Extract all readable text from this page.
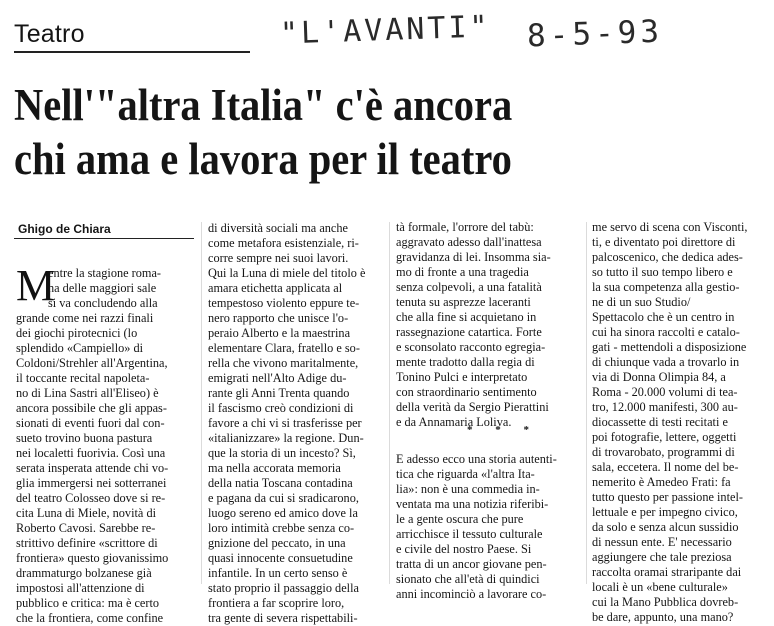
Teatro	"L'AVANTI" 8-5-93
Nell'"altra Italia" c'è ancora
chi ama e lavora per il teatro
Ghigo de Chiara
M
entre la stagione roma-
na delle maggiori sale
si va concludendo alla
grande come nei razzi finali
dei giochi pirotecnici (lo
splendido «Campiello» di
Coldoni/Strehler all'Argentina,
il toccante recital napoleta-
no di Lina Sastri all'Eliseo) è
ancora possibile che gli appas-
sionati di eventi fuori dal con-
sueto trovino buona pastura
nei localetti fuorivia. Così una
serata insperata attende chi vo-
glia immergersi nei sotterranei
del teatro Colosseo dove si re-
cita Luna di Miele, novità di
Roberto Cavosi. Sarebbe re-
strittivo definire «scrittore di
frontiera» questo giovanissimo
drammaturgo bolzanese già
impostosi all'attenzione di
pubblico e critica: ma è certo
che la frontiera, come confine
di diversità sociali ma anche
come metafora esistenziale, ri-
corre sempre nei suoi lavori.
Qui la Luna di miele del titolo è
amara etichetta applicata al
tempestoso violento eppure te-
nero rapporto che unisce l'o-
peraio Alberto e la maestrina
elementare Clara, fratello e so-
rella che vivono maritalmente,
emigrati nell'Alto Adige du-
rante gli Anni Trenta quando
il fascismo creò condizioni di
favore a chi vi si trasferisse per
«italianizzare» la regione. Dun-
que la storia di un incesto? Sì,
ma nella accorata memoria
della natia Toscana contadina
e pagana da cui si sradicarono,
luogo sereno ed amico dove la
loro intimità crebbe senza co-
gnizione del peccato, in una
quasi innocente consuetudine
infantile. In un certo senso è
stato proprio il passaggio della
frontiera a far scoprire loro,
tra gente di severa rispettabili-
tà formale, l'orrore del tabù:
aggravato adesso dall'inattesa
gravidanza di lei. Insomma sia-
mo di fronte a una tragedia
senza colpevoli, a una fatalità
tenuta su asprezze laceranti
che alla fine si acquietano in
rassegnazione catartica. Forte
e sconsolato racconto egregia-
mente tradotto dalla regia di
Tonino Pulci e interpretato
con straordinario sentimento
della verità da Sergio Pierattini
e da Annamaria Loliva.
* * *
E adesso ecco una storia autenti-
tica che riguarda «l'altra Ita-
lia»: non è una commedia in-
ventata ma una notizia riferibi-
le a gente oscura che pure
arricchisce il tessuto culturale
e civile del nostro Paese. Si
tratta di un ancor giovane pen-
sionato che all'età di quindici
anni incominciò a lavorare co-
me servo di scena con Visconti,
ti, e diventato poi direttore di
palcoscenico, che dedica ades-
so tutto il suo tempo libero e
la sua competenza alla gestio-
ne di un suo Studio/
Spettacolo che è un centro in
cui ha sinora raccolti e catalo-
gati - mettendoli a disposizione
di chiunque vada a trovarlo in
via di Donna Olimpia 84, a
Roma - 20.000 volumi di tea-
tro, 12.000 manifesti, 300 au-
diocassette di testi recitati e
poi fotografie, lettere, oggetti
di trovarobato, programmi di
sala, eccetera. Il nome del be-
nemerito è Amedeo Frati: fa
tutto questo per passione intel-
lettuale e per impegno civico,
da solo e senza alcun sussidio
di nessun ente. E' necessario
aggiungere che tale preziosa
raccolta oramai straripante dai
locali è un «bene culturale»
cui la Mano Pubblica dovreb-
be dare, appunto, una mano?
